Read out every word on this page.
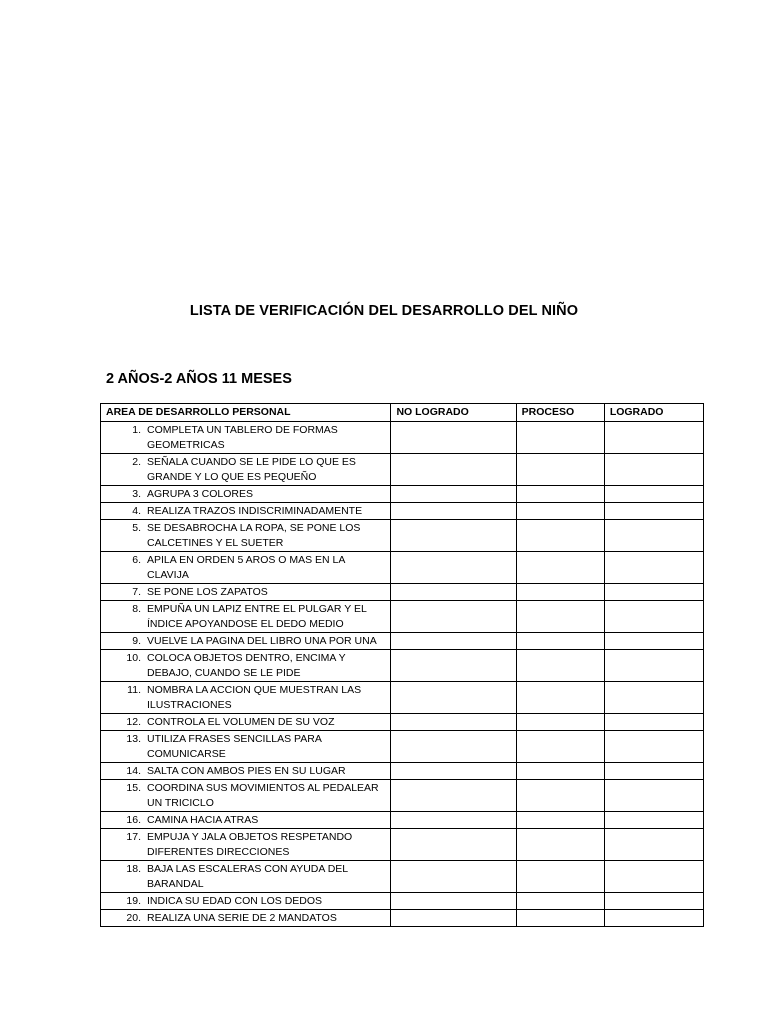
LISTA DE VERIFICACIÓN DEL DESARROLLO DEL NIÑO
2 AÑOS-2 AÑOS 11 MESES
AREA DE DESARROLLO PERSONAL	NO LOGRADO	PROCESO	LOGRADO

1. COMPLETA UN TABLERO DE FORMAS GEOMETRICAS			

2. SEÑALA CUANDO SE LE PIDE LO QUE ES GRANDE Y LO QUE ES PEQUEÑO			

3. AGRUPA 3 COLORES			

4. REALIZA TRAZOS INDISCRIMINADAMENTE			

5. SE DESABROCHA LA ROPA, SE PONE LOS CALCETINES Y EL SUETER			

6. APILA EN ORDEN 5 AROS O MAS EN LA CLAVIJA			

7. SE PONE LOS ZAPATOS			

8. EMPUÑA UN LAPIZ ENTRE EL PULGAR Y EL ÍNDICE APOYANDOSE EL DEDO MEDIO			

9. VUELVE LA PAGINA DEL LIBRO UNA POR UNA			

10. COLOCA OBJETOS DENTRO, ENCIMA Y DEBAJO, CUANDO SE LE PIDE			

11. NOMBRA LA ACCION QUE MUESTRAN LAS ILUSTRACIONES			

12. CONTROLA EL VOLUMEN DE SU VOZ			

13. UTILIZA FRASES SENCILLAS PARA COMUNICARSE			

14. SALTA CON AMBOS PIES EN SU LUGAR			

15. COORDINA SUS MOVIMIENTOS AL PEDALEAR UN TRICICLO			

16. CAMINA HACIA ATRAS			

17. EMPUJA Y JALA OBJETOS RESPETANDO DIFERENTES DIRECCIONES			

18. BAJA LAS ESCALERAS CON AYUDA DEL BARANDAL			

19. INDICA SU EDAD CON LOS DEDOS			

20. REALIZA UNA SERIE DE 2 MANDATOS			
